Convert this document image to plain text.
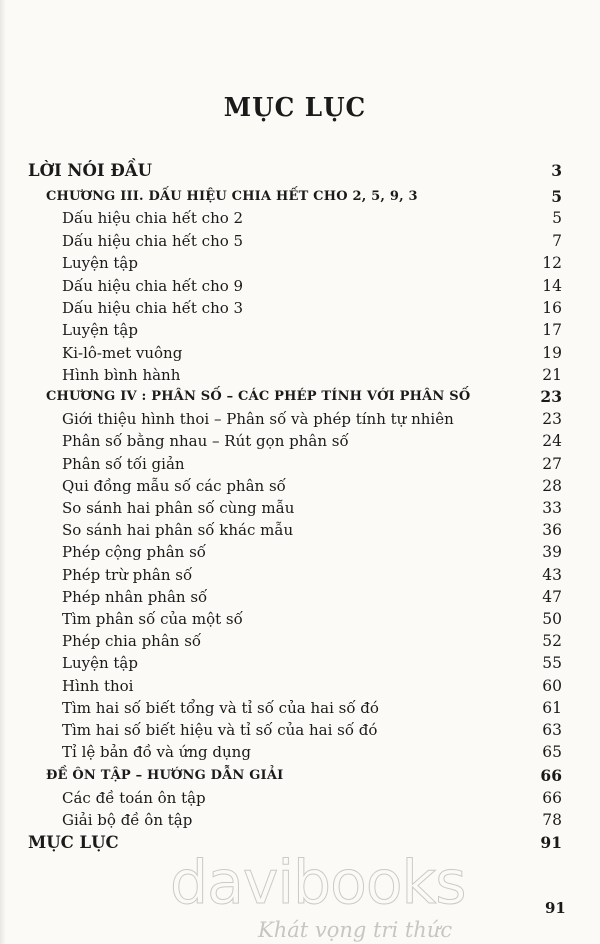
MỤC LỤC
LỜI NÓI ĐẦU	3
CHƯƠNG III. DẤU HIỆU CHIA HẾT CHO 2, 5, 9, 3	5
Dấu hiệu chia hết cho 2	5
Dấu hiệu chia hết cho 5	7
Luyện tập	12
Dấu hiệu chia hết cho 9	14
Dấu hiệu chia hết cho 3	16
Luyện tập	17
Ki-lô-met vuông	19
Hình bình hành	21
CHƯƠNG IV : PHÂN SỐ – CÁC PHÉP TÍNH VỚI PHÂN SỐ	23
Giới thiệu hình thoi – Phân số và phép tính tự nhiên	23
Phân số bằng nhau – Rút gọn phân số	24
Phân số tối giản	27
Qui đồng mẫu số các phân số	28
So sánh hai phân số cùng mẫu	33
So sánh hai phân số khác mẫu	36
Phép cộng phân số	39
Phép trừ phân số	43
Phép nhân phân số	47
Tìm phân số của một số	50
Phép chia phân số	52
Luyện tập	55
Hình thoi	60
Tìm hai số biết tổng và tỉ số của hai số đó	61
Tìm hai số biết hiệu và tỉ số của hai số đó	63
Tỉ lệ bản đồ và ứng dụng	65
ĐỀ ÔN TẬP – HƯỚNG DẪN GIẢI	66
Các đề toán ôn tập	66
Giải bộ đề ôn tập	78
MỤC LỤC	91
91
davibooks
Khát vọng tri thức
